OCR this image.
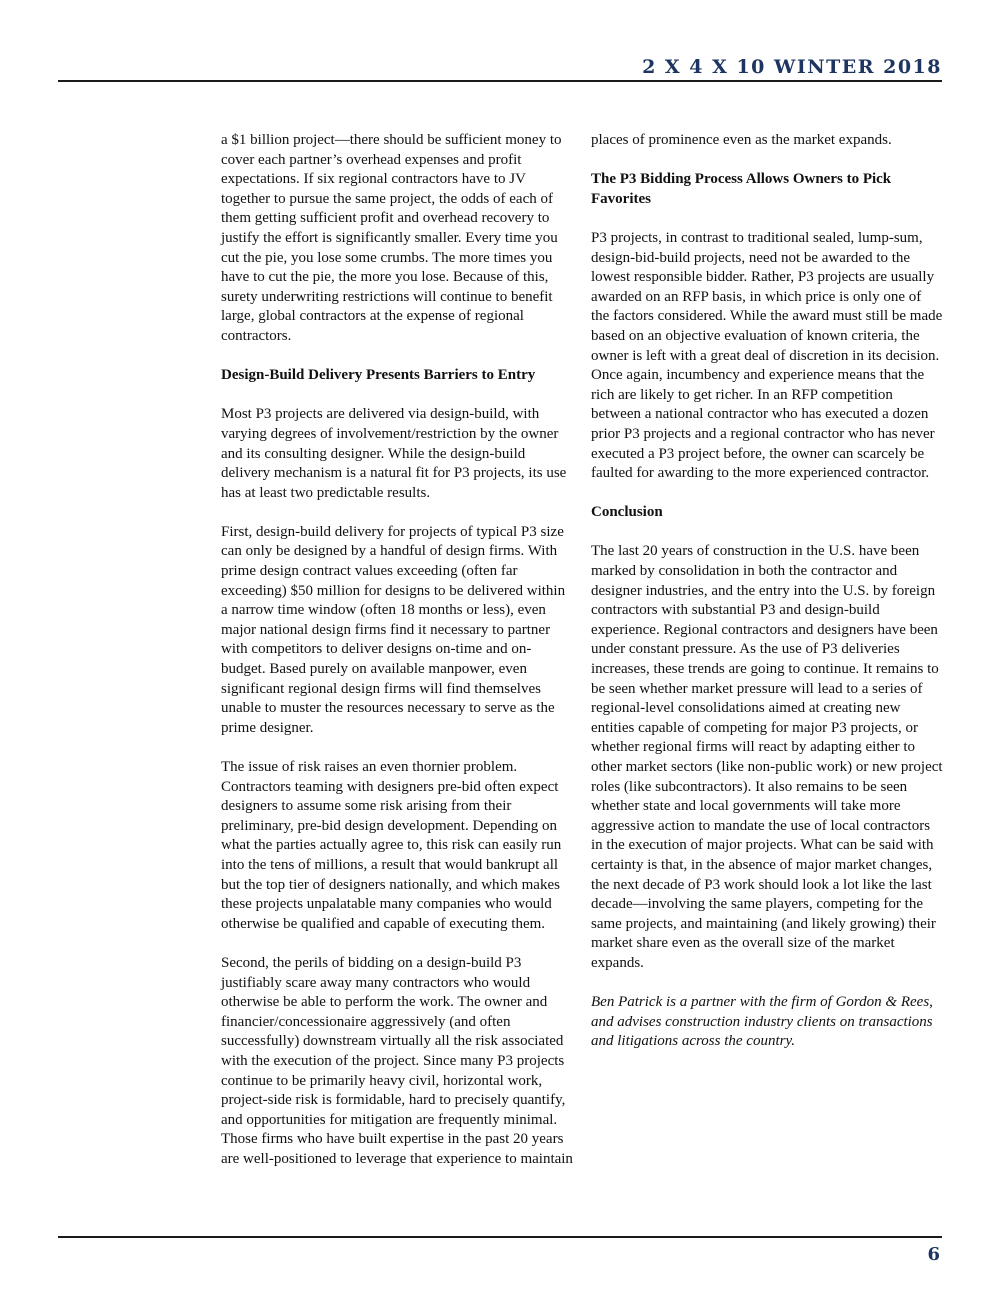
2 X 4 X 10 WINTER 2018

a $1 billion project—there should be sufficient money to cover each partner’s overhead expenses and profit expectations. If six regional contractors have to JV together to pursue the same project, the odds of each of them getting sufficient profit and overhead recovery to justify the effort is significantly smaller. Every time you cut the pie, you lose some crumbs. The more times you have to cut the pie, the more you lose. Because of this, surety underwriting restrictions will continue to benefit large, global contractors at the expense of regional contractors.

Design-Build Delivery Presents Barriers to Entry

Most P3 projects are delivered via design-build, with varying degrees of involvement/restriction by the owner and its consulting designer. While the design-build delivery mechanism is a natural fit for P3 projects, its use has at least two predictable results.

First, design-build delivery for projects of typical P3 size can only be designed by a handful of design firms. With prime design contract values exceeding (often far exceeding) $50 million for designs to be delivered within a narrow time window (often 18 months or less), even major national design firms find it necessary to partner with competitors to deliver designs on-time and on-budget. Based purely on available manpower, even significant regional design firms will find themselves unable to muster the resources necessary to serve as the prime designer.

The issue of risk raises an even thornier problem. Contractors teaming with designers pre-bid often expect designers to assume some risk arising from their preliminary, pre-bid design development. Depending on what the parties actually agree to, this risk can easily run into the tens of millions, a result that would bankrupt all but the top tier of designers nationally, and which makes these projects unpalatable many companies who would otherwise be qualified and capable of executing them.

Second, the perils of bidding on a design-build P3 justifiably scare away many contractors who would otherwise be able to perform the work. The owner and financier/concessionaire aggressively (and often successfully) downstream virtually all the risk associated with the execution of the project. Since many P3 projects continue to be primarily heavy civil, horizontal work, project-side risk is formidable, hard to precisely quantify, and opportunities for mitigation are frequently minimal. Those firms who have built expertise in the past 20 years are well-positioned to leverage that experience to maintain

places of prominence even as the market expands.

The P3 Bidding Process Allows Owners to Pick Favorites

P3 projects, in contrast to traditional sealed, lump-sum, design-bid-build projects, need not be awarded to the lowest responsible bidder. Rather, P3 projects are usually awarded on an RFP basis, in which price is only one of the factors considered. While the award must still be made based on an objective evaluation of known criteria, the owner is left with a great deal of discretion in its decision. Once again, incumbency and experience means that the rich are likely to get richer. In an RFP competition between a national contractor who has executed a dozen prior P3 projects and a regional contractor who has never executed a P3 project before, the owner can scarcely be faulted for awarding to the more experienced contractor.

Conclusion

The last 20 years of construction in the U.S. have been marked by consolidation in both the contractor and designer industries, and the entry into the U.S. by foreign contractors with substantial P3 and design-build experience. Regional contractors and designers have been under constant pressure. As the use of P3 deliveries increases, these trends are going to continue. It remains to be seen whether market pressure will lead to a series of regional-level consolidations aimed at creating new entities capable of competing for major P3 projects, or whether regional firms will react by adapting either to other market sectors (like non-public work) or new project roles (like subcontractors). It also remains to be seen whether state and local governments will take more aggressive action to mandate the use of local contractors in the execution of major projects. What can be said with certainty is that, in the absence of major market changes, the next decade of P3 work should look a lot like the last decade—involving the same players, competing for the same projects, and maintaining (and likely growing) their market share even as the overall size of the market expands.

Ben Patrick is a partner with the firm of Gordon & Rees, and advises construction industry clients on transactions and litigations across the country.

6
